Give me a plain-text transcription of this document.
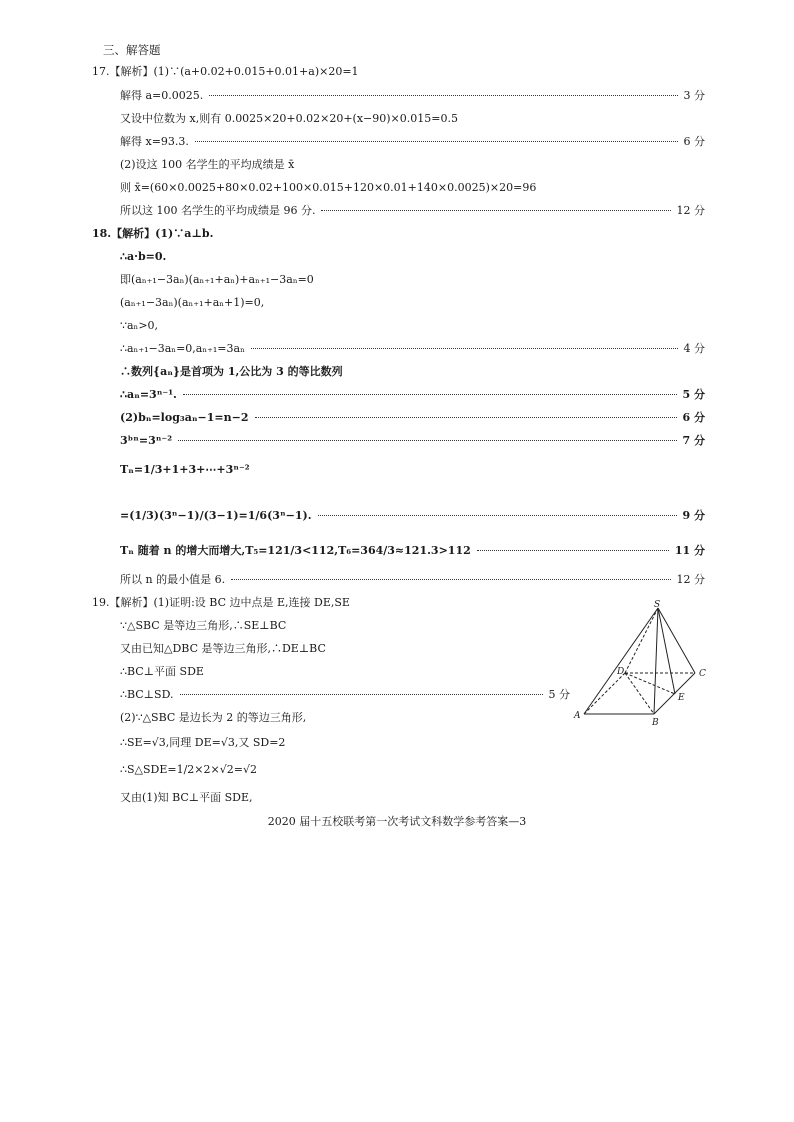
三、解答题
17.【解析】(1)∵(a+0.02+0.015+0.01+a)×20=1
解得 a=0.0025.	3 分
又设中位数为 x,则有 0.0025×20+0.02×20+(x−90)×0.015=0.5
解得 x=93.3.	6 分
(2)设这 100 名学生的平均成绩是 x̄
则 x̄=(60×0.0025+80×0.02+100×0.015+120×0.01+140×0.0025)×20=96
所以这 100 名学生的平均成绩是 96 分.	12 分
18.【解析】(1)∵a⊥b.
∴a·b=0.
即(aₙ₊₁−3aₙ)(aₙ₊₁+aₙ)+aₙ₊₁−3aₙ=0
(aₙ₊₁−3aₙ)(aₙ₊₁+aₙ+1)=0,
∵aₙ>0,
∴aₙ₊₁−3aₙ=0,aₙ₊₁=3aₙ	4 分
∴数列{aₙ}是首项为 1,公比为 3 的等比数列
∴aₙ=3ⁿ⁻¹.	5 分
(2)bₙ=log₃aₙ−1=n−2	6 分
3ᵇⁿ=3ⁿ⁻²	7 分
Tₙ=1/3+1+3+⋯+3ⁿ⁻²
=(1/3)(3ⁿ−1)/(3−1)=1/6(3ⁿ−1).	9 分
Tₙ 随着 n 的增大而增大,T₅=121/3<112,T₆=364/3≈121.3>112	11 分
所以 n 的最小值是 6.	12 分
19.【解析】(1)证明:设 BC 边中点是 E,连接 DE,SE
∵△SBC 是等边三角形,∴SE⊥BC
又由已知△DBC 是等边三角形,∴DE⊥BC
∴BC⊥平面 SDE
∴BC⊥SD.	5 分
(2)∵△SBC 是边长为 2 的等边三角形,
∴SE=√3,同理 DE=√3,又 SD=2
∴S△SDE=1/2×2×√2=√2
又由(1)知 BC⊥平面 SDE,
S
D	C
E
A
B
2020 届十五校联考第一次考试文科数学参考答案—3
